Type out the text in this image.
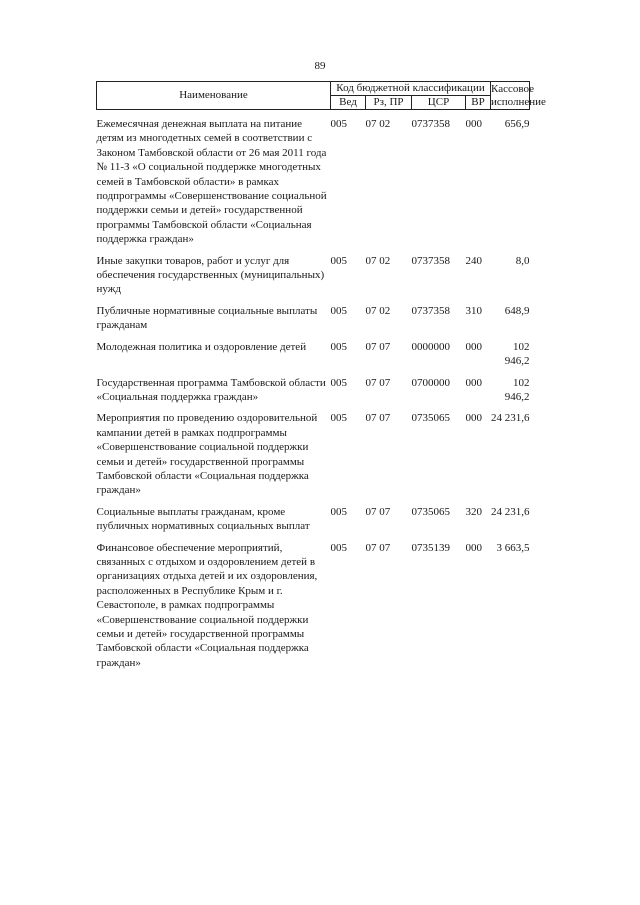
89
Наименование	Код бюджетной классификации				Кассовое исполнение
	Вед	Рз, ПР	ЦСР	ВР	

Ежемесячная денежная выплата на питание детям из многодетных семей в соответствии с Законом Тамбовской области от 26 мая 2011 года № 11-З «О социальной поддержке многодетных семей в Тамбовской области» в рамках подпрограммы «Совершенствование социальной поддержки семьи и детей» государственной программы Тамбовской области «Социальная поддержка граждан»	005	07 02	0737358	000	656,9

Иные закупки товаров, работ и услуг для обеспечения государственных (муниципальных) нужд	005	07 02	0737358	240	8,0

Публичные нормативные социальные выплаты гражданам	005	07 02	0737358	310	648,9

Молодежная политика и оздоровление детей	005	07 07	0000000	000	102 946,2

Государственная программа Тамбовской области «Социальная поддержка граждан»	005	07 07	0700000	000	102 946,2

Мероприятия по проведению оздоровительной кампании детей в рамках подпрограммы «Совершенствование социальной поддержки семьи и детей» государственной программы Тамбовской области «Социальная поддержка граждан»	005	07 07	0735065	000	24 231,6

Социальные выплаты гражданам, кроме публичных нормативных социальных выплат	005	07 07	0735065	320	24 231,6

Финансовое обеспечение мероприятий, связанных с отдыхом и оздоровлением детей в организациях отдыха детей и их оздоровления, расположенных в Республике Крым и г. Севастополе, в рамках подпрограммы «Совершенствование социальной поддержки семьи и детей» государственной программы Тамбовской области «Социальная поддержка граждан»	005	07 07	0735139	000	3 663,5
